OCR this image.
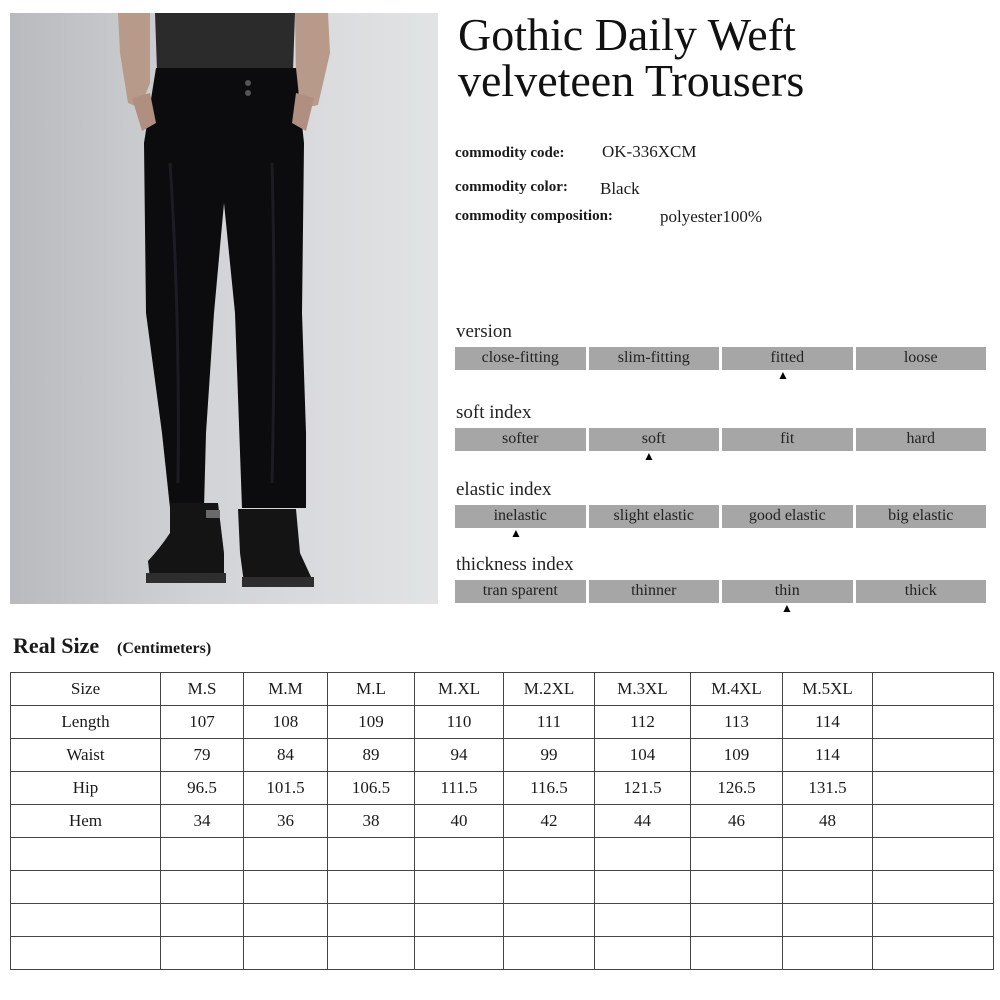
Gothic Daily Weft
velveteen Trousers
commodity code: OK-336XCM
commodity color: Black
commodity composition:	polyester100%
version
close-fitting	slim-fitting	fitted	loose
▲
soft index
softer	soft	fit	hard
▲
elastic index
inelastic	slight elastic	good elastic	big elastic
▲
thickness index
tran sparent	thinner	thin	thick
▲
Real Size (Centimeters)
Size	M.S	M.M	M.L	M.XL	M.2XL	M.3XL	M.4XL	M.5XL	
Length	107	108	109	110	111	112	113	114	
Waist	79	84	89	94	99	104	109	114	
Hip	96.5	101.5	106.5	111.5	116.5	121.5	126.5	131.5	
Hem	34	36	38	40	42	44	46	48	
